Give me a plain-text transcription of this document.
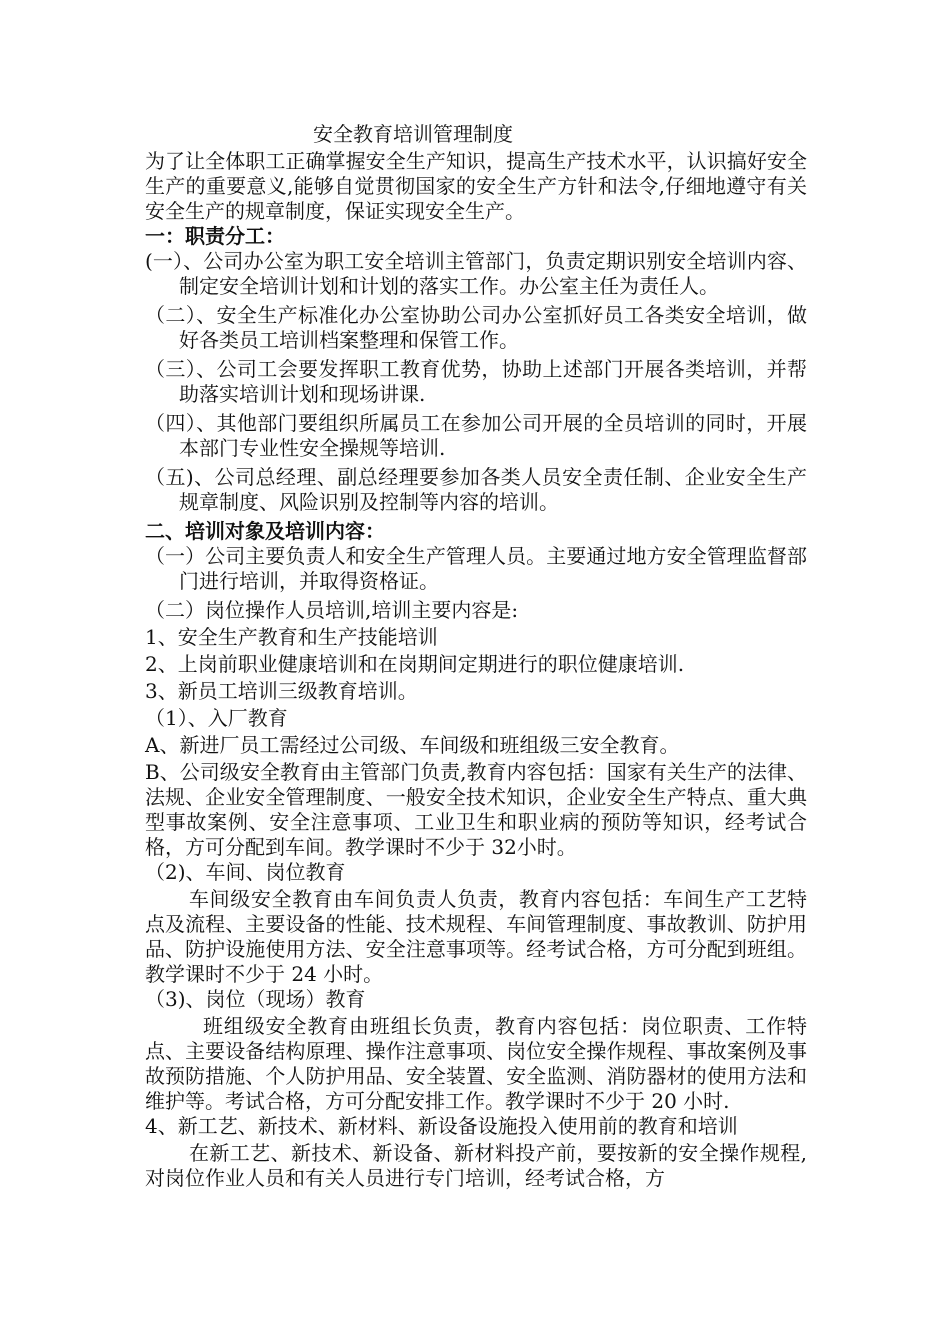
安全教育培训管理制度

为了让全体职工正确掌握安全生产知识，提高生产技术水平，认识搞好安全生产的重要意义,能够自觉贯彻国家的安全生产方针和法令,仔细地遵守有关安全生产的规章制度，保证实现安全生产。

一：职责分工：

(一）、公司办公室为职工安全培训主管部门，负责定期识别安全培训内容、制定安全培训计划和计划的落实工作。办公室主任为责任人。

（二）、安全生产标准化办公室协助公司办公室抓好员工各类安全培训，做好各类员工培训档案整理和保管工作。

（三）、公司工会要发挥职工教育优势，协助上述部门开展各类培训，并帮助落实培训计划和现场讲课.

（四）、其他部门要组织所属员工在参加公司开展的全员培训的同时，开展本部门专业性安全操规等培训.

（五)、公司总经理、副总经理要参加各类人员安全责任制、企业安全生产规章制度、风险识别及控制等内容的培训。

二、培训对象及培训内容：

（一）公司主要负责人和安全生产管理人员。主要通过地方安全管理监督部门进行培训，并取得资格证。

（二）岗位操作人员培训,培训主要内容是:

1、安全生产教育和生产技能培训

2、上岗前职业健康培训和在岗期间定期进行的职位健康培训.

3、新员工培训三级教育培训。

（1）、入厂教育

A、新进厂员工需经过公司级、车间级和班组级三安全教育。

B、公司级安全教育由主管部门负责,教育内容包括：国家有关生产的法律、法规、企业安全管理制度、一般安全技术知识，企业安全生产特点、重大典型事故案例、安全注意事项、工业卫生和职业病的预防等知识，经考试合格，方可分配到车间。教学课时不少于 32小时。

（2)、车间、岗位教育

车间级安全教育由车间负责人负责，教育内容包括：车间生产工艺特点及流程、主要设备的性能、技术规程、车间管理制度、事故教训、防护用品、防护设施使用方法、安全注意事项等。经考试合格，方可分配到班组。教学课时不少于 24 小时。

（3)、岗位（现场）教育

班组级安全教育由班组长负责，教育内容包括：岗位职责、工作特点、主要设备结构原理、操作注意事项、岗位安全操作规程、事故案例及事故预防措施、个人防护用品、安全装置、安全监测、消防器材的使用方法和维护等。考试合格，方可分配安排工作。教学课时不少于 20 小时.

4、新工艺、新技术、新材料、新设备设施投入使用前的教育和培训

在新工艺、新技术、新设备、新材料投产前，要按新的安全操作规程,对岗位作业人员和有关人员进行专门培训，经考试合格，方
